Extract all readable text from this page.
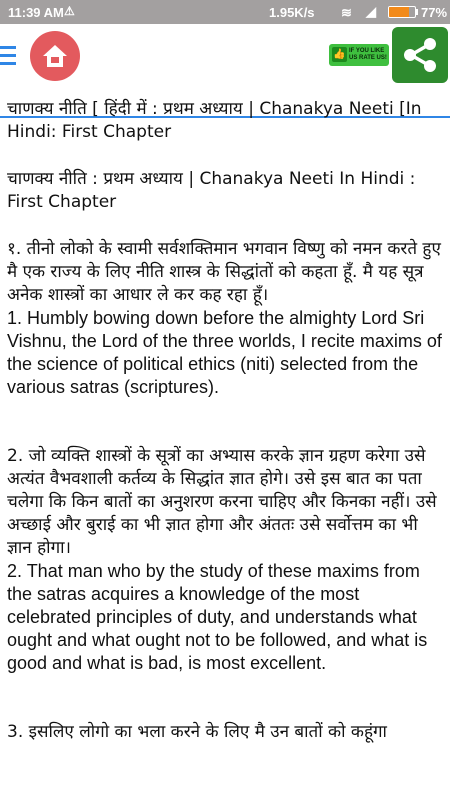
11:39 AM ⚠	1.95K/s ≋ ◢	77%
👍 IF YOU LIKE
US RATE US!
चाणक्य नीति [ हिंदी में : प्रथम अध्याय | Chanakya Neeti [In Hindi: First Chapter
चाणक्य नीति : प्रथम अध्याय | Chanakya Neeti In Hindi : First Chapter
१. तीनो लोको के स्वामी सर्वशक्तिमान भगवान विष्णु को नमन करते हुए मै एक राज्य के लिए नीति शास्त्र के सिद्धांतों को कहता हूँ. मै यह सूत्र अनेक शास्त्रों का आधार ले कर कह रहा हूँ।
1. Humbly bowing down before the almighty Lord Sri Vishnu, the Lord of the three worlds, I recite maxims of the science of political ethics (niti) selected from the various satras (scriptures).
2. जो व्यक्ति शास्त्रों के सूत्रों का अभ्यास करके ज्ञान ग्रहण करेगा उसे अत्यंत वैभवशाली कर्तव्य के सिद्धांत ज्ञात होगे। उसे इस बात का पता चलेगा कि किन बातों का अनुशरण करना चाहिए और किनका नहीं। उसे अच्छाई और बुराई का भी ज्ञात होगा और अंततः उसे सर्वोत्तम का भी ज्ञान होगा।
2. That man who by the study of these maxims from the satras acquires a knowledge of the most celebrated principles of duty, and understands what ought and what ought not to be followed, and what is good and what is bad, is most excellent.
3. इसलिए लोगो का भला करने के लिए मै उन बातों को कहूंगा
